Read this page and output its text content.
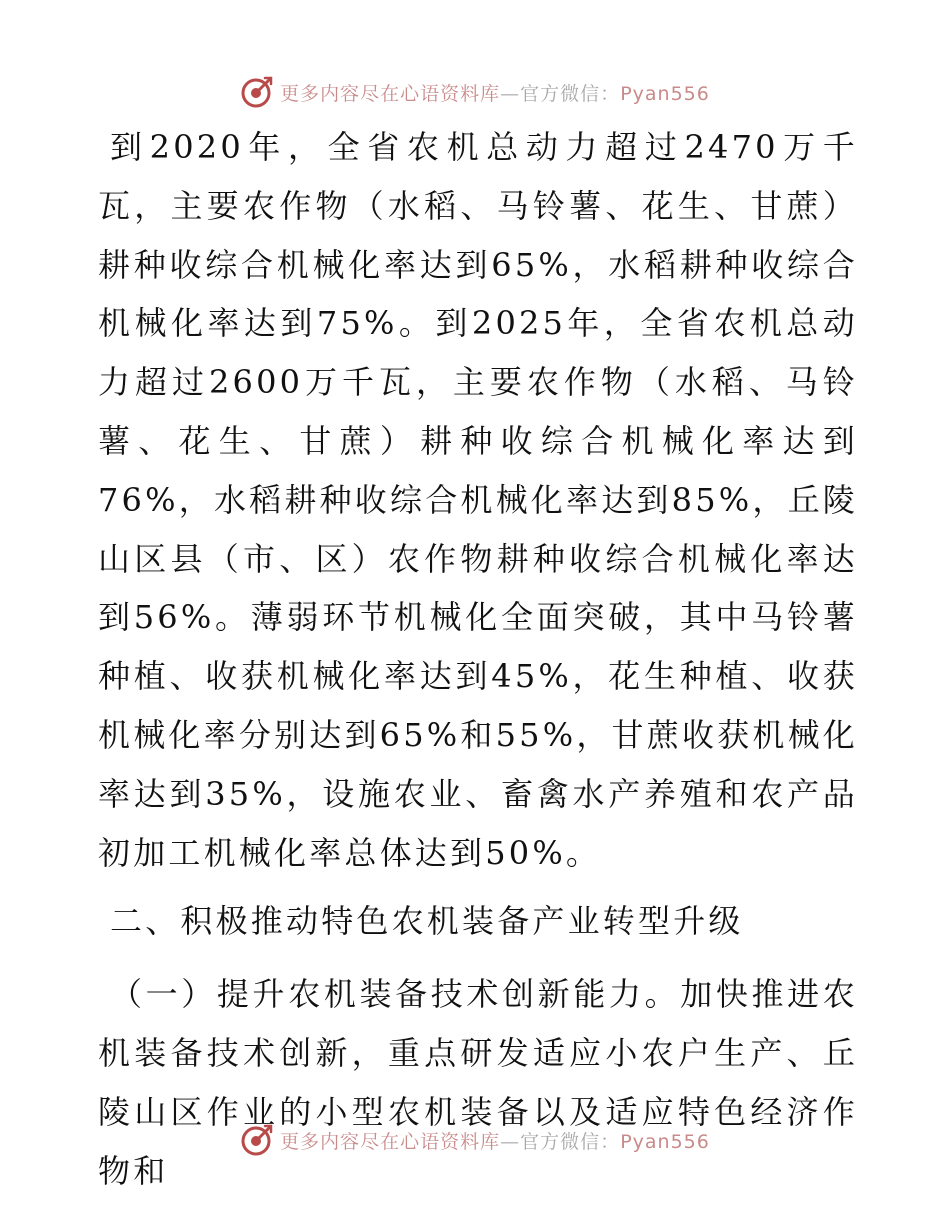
更多内容尽在心语资料库—官方微信：Pyan556

到2020年，全省农机总动力超过2470万千瓦，主要农作物（水稻、马铃薯、花生、甘蔗）耕种收综合机械化率达到65%，水稻耕种收综合机械化率达到75%。到2025年，全省农机总动力超过2600万千瓦，主要农作物（水稻、马铃薯、花生、甘蔗）耕种收综合机械化率达到76%，水稻耕种收综合机械化率达到85%，丘陵山区县（市、区）农作物耕种收综合机械化率达到56%。薄弱环节机械化全面突破，其中马铃薯种植、收获机械化率达到45%，花生种植、收获机械化率分别达到65%和55%，甘蔗收获机械化率达到35%，设施农业、畜禽水产养殖和农产品初加工机械化率总体达到50%。

二、积极推动特色农机装备产业转型升级

（一）提升农机装备技术创新能力。加快推进农机装备技术创新，重点研发适应小农户生产、丘陵山区作业的小型农机装备以及适应特色经济作物和

更多内容尽在心语资料库—官方微信：Pyan556
